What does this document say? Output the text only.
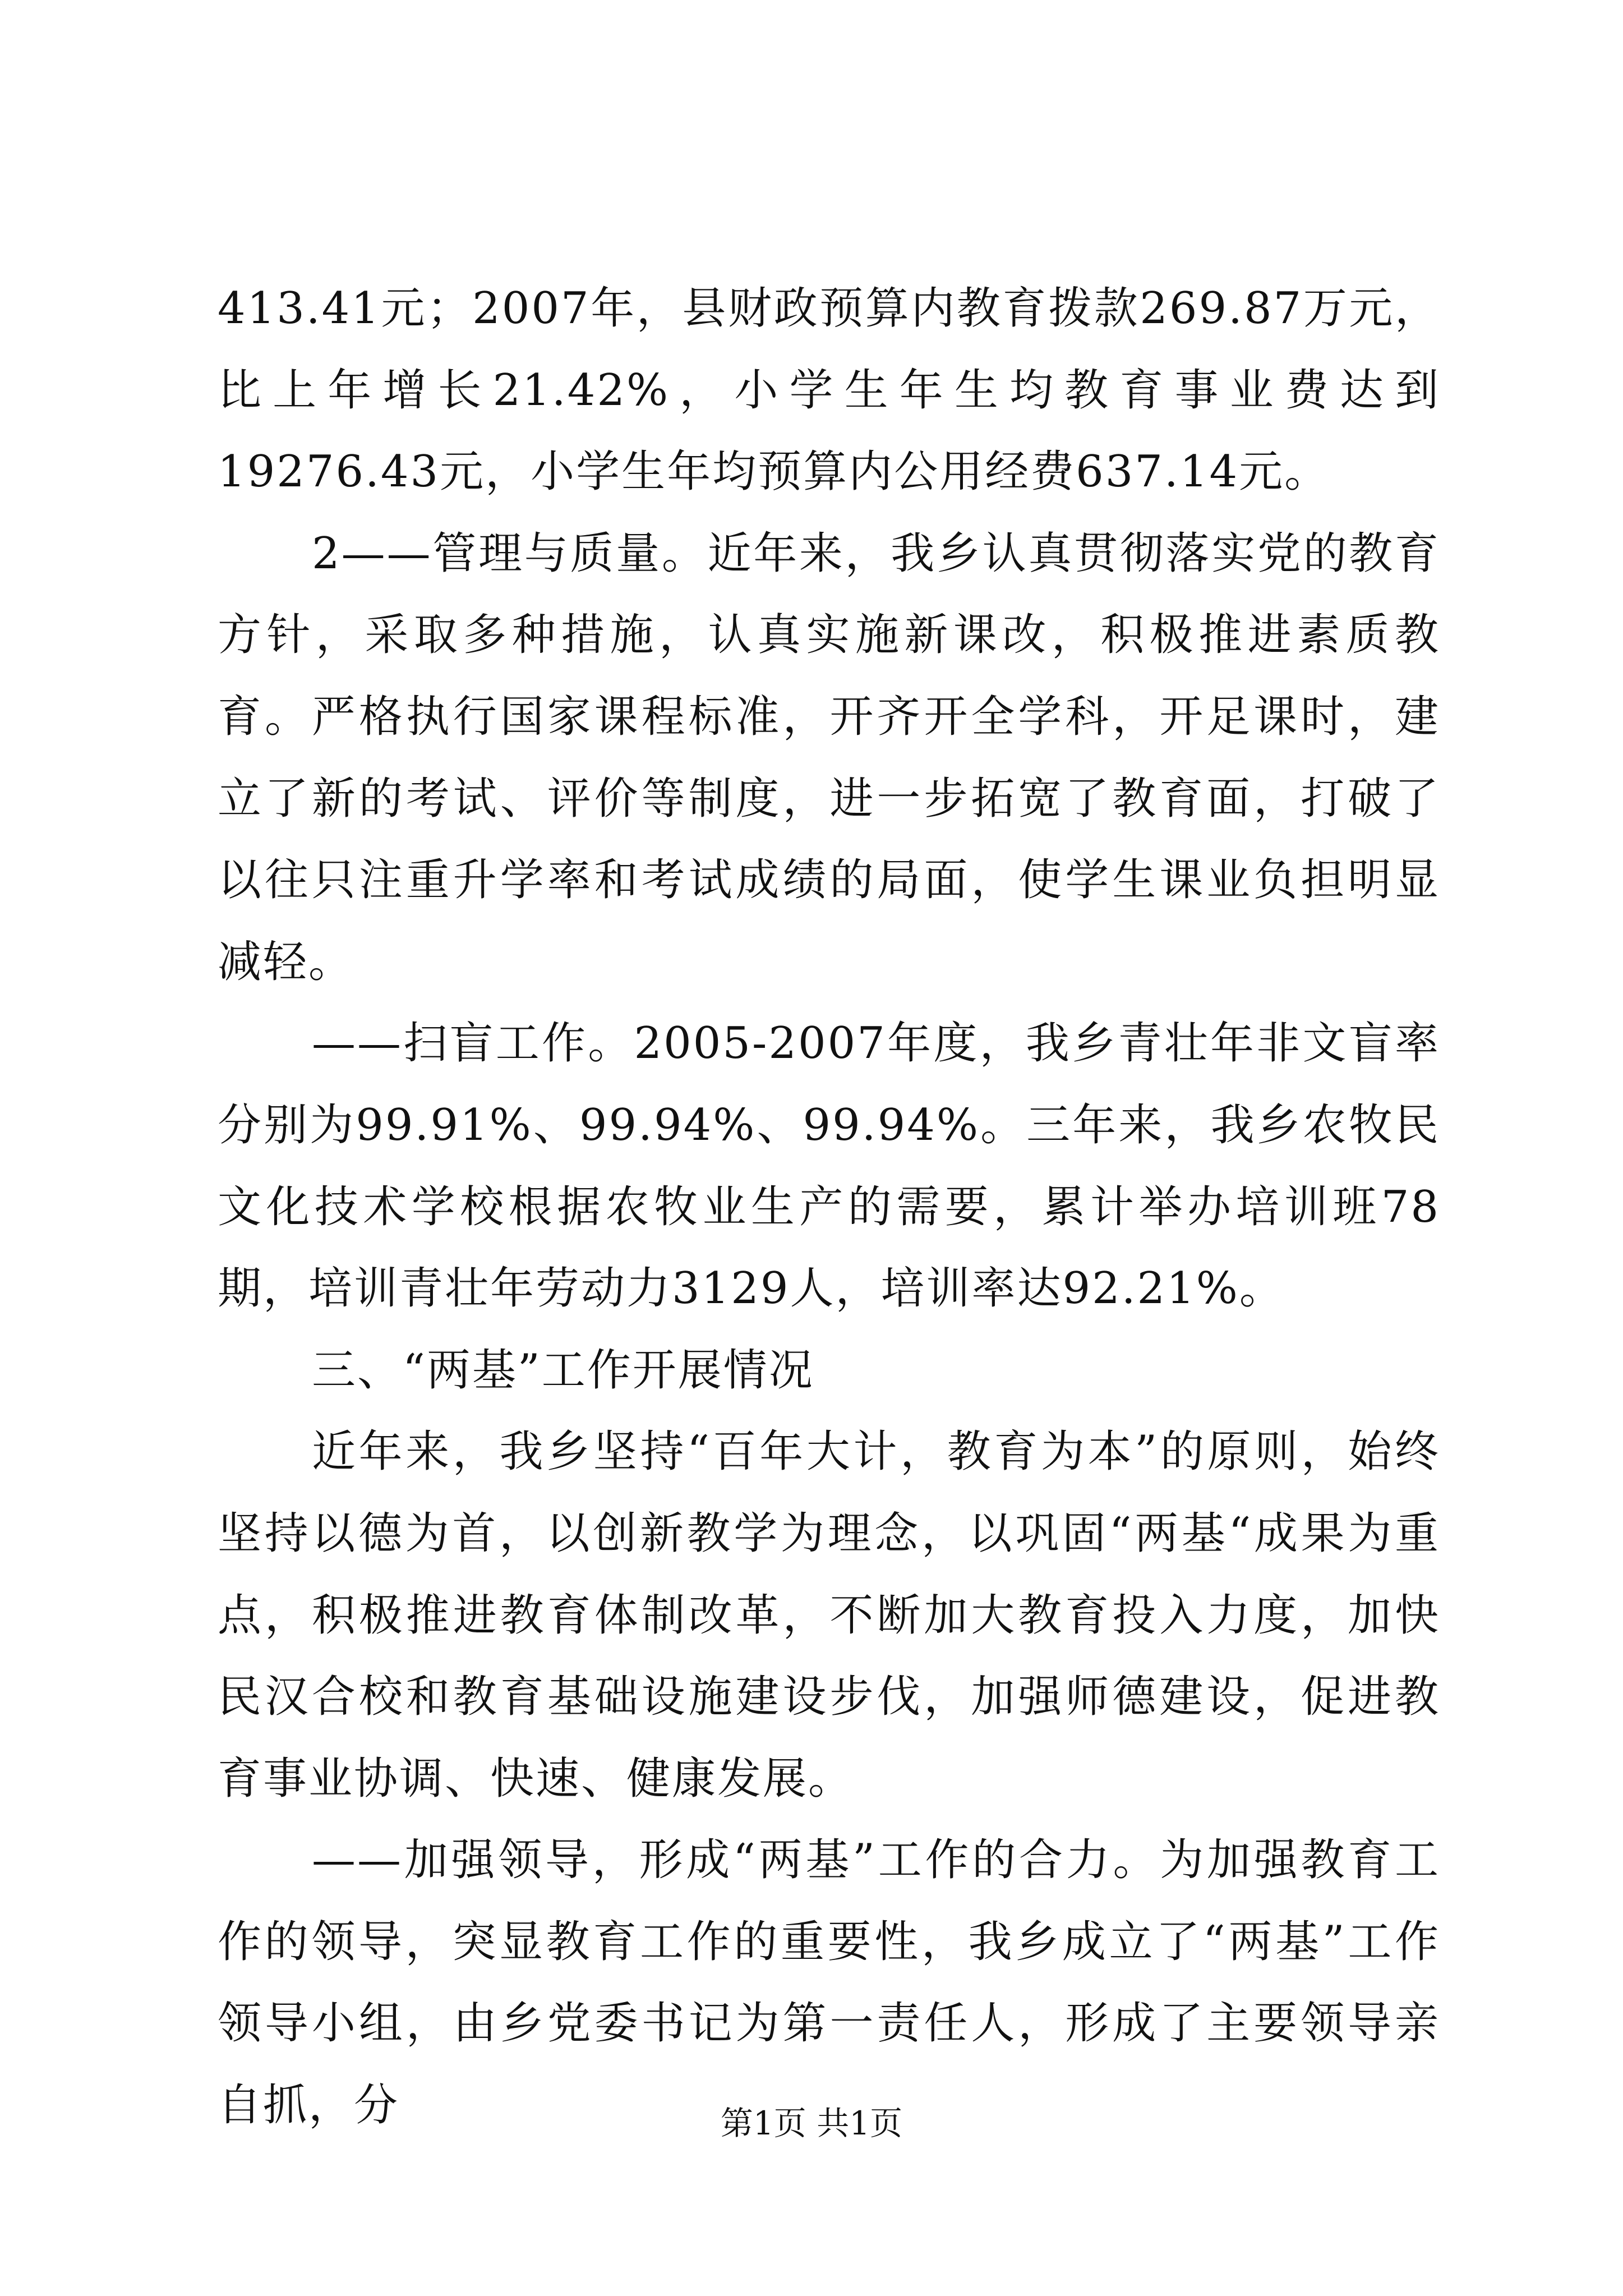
413.41元；2007年，县财政预算内教育拨款269.87万元，比上年增长21.42%，小学生年生均教育事业费达到19276.43元，小学生年均预算内公用经费637.14元。

2——管理与质量。近年来，我乡认真贯彻落实党的教育方针，采取多种措施，认真实施新课改，积极推进素质教育。严格执行国家课程标准，开齐开全学科，开足课时，建立了新的考试、评价等制度，进一步拓宽了教育面，打破了以往只注重升学率和考试成绩的局面，使学生课业负担明显减轻。

——扫盲工作。2005-2007年度，我乡青壮年非文盲率分别为99.91%、99.94%、99.94%。三年来，我乡农牧民文化技术学校根据农牧业生产的需要，累计举办培训班78期，培训青壮年劳动力3129人，培训率达92.21%。

三、“两基”工作开展情况

近年来，我乡坚持“百年大计，教育为本”的原则，始终坚持以德为首，以创新教学为理念，以巩固“两基“成果为重点，积极推进教育体制改革，不断加大教育投入力度，加快民汉合校和教育基础设施建设步伐，加强师德建设，促进教育事业协调、快速、健康发展。

——加强领导，形成“两基”工作的合力。为加强教育工作的领导，突显教育工作的重要性，我乡成立了“两基”工作领导小组，由乡党委书记为第一责任人，形成了主要领导亲自抓，分	第1页 共1页
